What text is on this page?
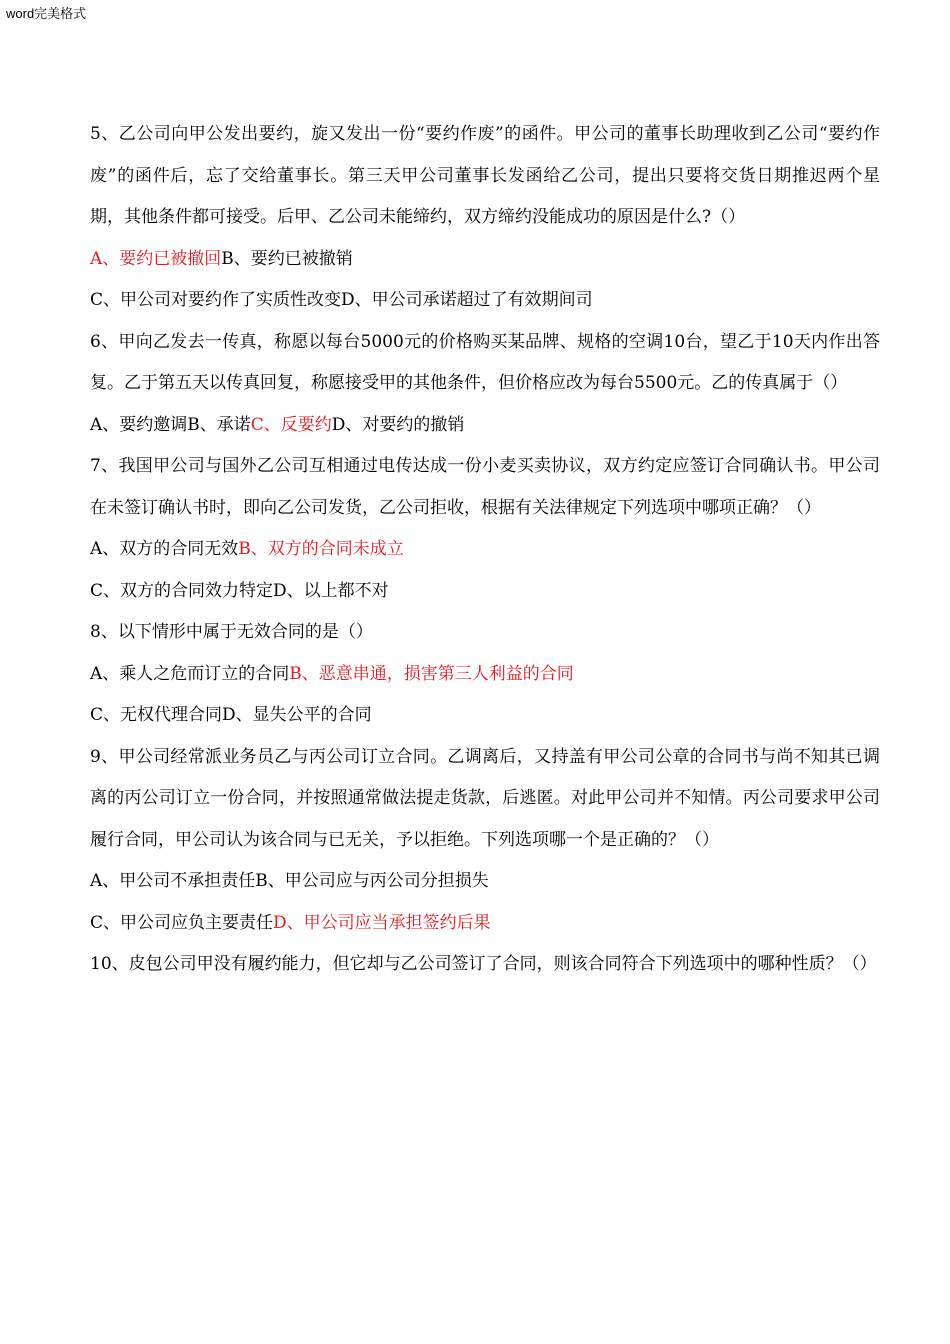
word完美格式

5、乙公司向甲公发出要约，旋又发出一份“要约作废”的函件。甲公司的董事长助理收到乙公司“要约作废”的函件后，忘了交给董事长。第三天甲公司董事长发函给乙公司，提出只要将交货日期推迟两个星期，其他条件都可接受。后甲、乙公司未能缔约，双方缔约没能成功的原因是什么?（）

A、要约已被撤回B、要约已被撤销

C、甲公司对要约作了实质性改变D、甲公司承诺超过了有效期间司

6、甲向乙发去一传真，称愿以每台5000元的价格购买某品牌、规格的空调10台，望乙于10天内作出答复。乙于第五天以传真回复，称愿接受甲的其他条件，但价格应改为每台5500元。乙的传真属于（）

A、要约邀调B、承诺C、反要约D、对要约的撤销

7、我国甲公司与国外乙公司互相通过电传达成一份小麦买卖协议，双方约定应签订合同确认书。甲公司在未签订确认书时，即向乙公司发货，乙公司拒收，根据有关法律规定下列选项中哪项正确？（）

A、双方的合同无效B、双方的合同未成立

C、双方的合同效力特定D、以上都不对

8、以下情形中属于无效合同的是（）

A、乘人之危而订立的合同B、恶意串通，损害第三人利益的合同

C、无权代理合同D、显失公平的合同

9、甲公司经常派业务员乙与丙公司订立合同。乙调离后，又持盖有甲公司公章的合同书与尚不知其已调离的丙公司订立一份合同，并按照通常做法提走货款，后逃匿。对此甲公司并不知情。丙公司要求甲公司履行合同，甲公司认为该合同与已无关，予以拒绝。下列选项哪一个是正确的？（）

A、甲公司不承担责任B、甲公司应与丙公司分担损失

C、甲公司应负主要责任D、甲公司应当承担签约后果

10、皮包公司甲没有履约能力，但它却与乙公司签订了合同，则该合同符合下列选项中的哪种性质？（）
